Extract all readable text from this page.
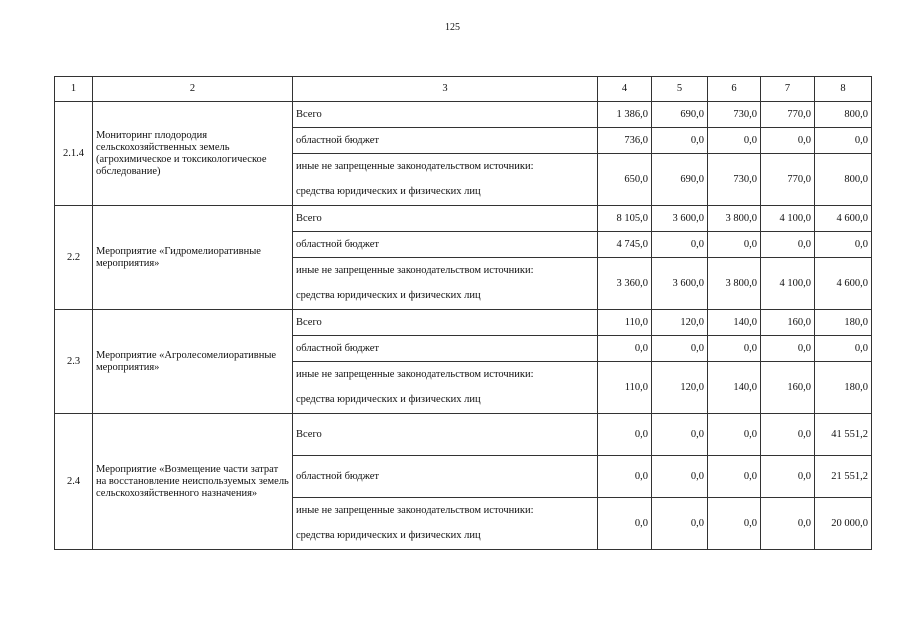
125
1	2	3	4	5	6	7	8
2.1.4	Мониторинг плодородия сельскохозяйственных земель (агрохимическое и токсикологическое обследование)	Всего	1 386,0	690,0	730,0	770,0	800,0
		областной бюджет	736,0	0,0	0,0	0,0	0,0
		иные не запрещенные законодательством источники:	650,0	690,0	730,0	770,0	800,0
		средства юридических и физических лиц					
2.2	Мероприятие «Гидромелиоративные мероприятия»	Всего	8 105,0	3 600,0	3 800,0	4 100,0	4 600,0
		областной бюджет	4 745,0	0,0	0,0	0,0	0,0
		иные не запрещенные законодательством источники:	3 360,0	3 600,0	3 800,0	4 100,0	4 600,0
		средства юридических и физических лиц					
2.3	Мероприятие «Агролесомелиоративные мероприятия»	Всего	110,0	120,0	140,0	160,0	180,0
		областной бюджет	0,0	0,0	0,0	0,0	0,0
		иные не запрещенные законодательством источники:	110,0	120,0	140,0	160,0	180,0
		средства юридических и физических лиц					
2.4	Мероприятие «Возмещение части затрат на восстановление неиспользуемых земель сельскохозяйственного назначения»	Всего	0,0	0,0	0,0	0,0	41 551,2
		областной бюджет	0,0	0,0	0,0	0,0	21 551,2
		иные не запрещенные законодательством источники:	0,0	0,0	0,0	0,0	20 000,0
		средства юридических и физических лиц					
